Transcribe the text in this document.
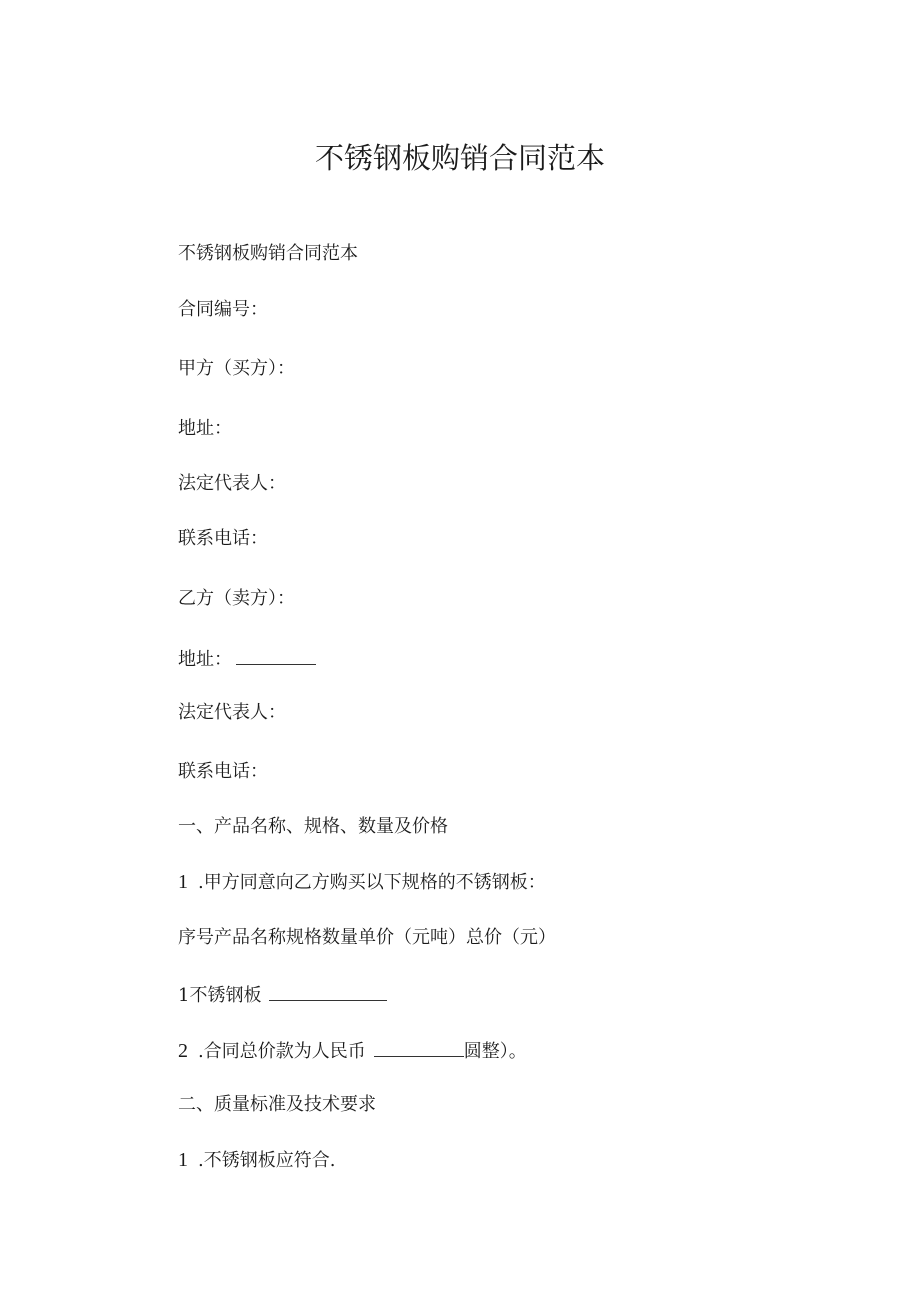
不锈钢板购销合同范本
不锈钢板购销合同范本
合同编号：
甲方（买方）：
地址：
法定代表人：
联系电话：
乙方（卖方）：
地址：
法定代表人：
联系电话：
一、产品名称、规格、数量及价格
1 .甲方同意向乙方购买以下规格的不锈钢板：
序号产品名称规格数量单价（元吨）总价（元）
1不锈钢板
2 .合同总价款为人民币	圆整）。
二、质量标准及技术要求
1 .不锈钢板应符合.
